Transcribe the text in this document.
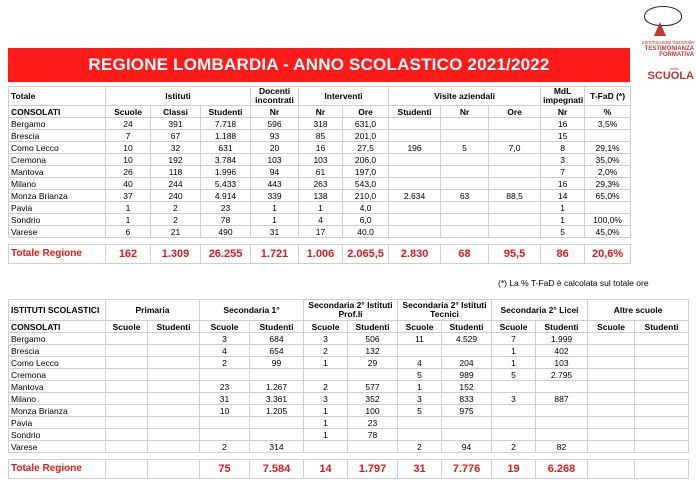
commissione nazionale
TESTIMONIANZA
FORMATIVA
nella
SCUOLA
REGIONE LOMBARDIA - ANNO SCOLASTICO 2021/2022
Totale	Istituti			Docenti incontrati	Interventi		Visite aziendali			MdL impegnati	T-FaD (*)
CONSOLATI	Scuole	Classi	Studenti	Nr	Nr	Ore	Studenti	Nr	Ore	Nr	%
Bergamo	24	391	7.718	596	318	631,0				16	3,5%
Brescia	7	67	1.188	93	85	201,0				15	
Como Lecco	10	32	631	20	16	27,5	196	5	7,0	8	29,1%
Cremona	10	192	3.784	103	103	206,0				3	35,0%
Mantova	26	118	1.996	94	61	197,0				7	2,0%
Milano	40	244	5.433	443	263	543,0				16	29,3%
Monza Brianza	37	240	4.914	339	138	210,0	2.634	63	88,5	14	65,0%
Pavia	1	2	23	1	1	4,0				1	
Sondrio	1	2	78	1	4	6,0				1	100,0%
Varese	6	21	490	31	17	40,0				5	45,0%

Totale Regione	162	1.309	26.255	1.721	1.006	2.065,5	2.830	68	95,5	86	20,6%
(*) La % T-FaD è calcolata sul totale ore
ISTITUTI SCOLASTICI	Primaria		Secondaria 1°		Secondaria 2° Istituti Prof.li		Secondaria 2° Istituti Tecnici		Secondaria 2° Licei		Altre scuole	
CONSOLATI	Scuole	Studenti	Scuole	Studenti	Scuole	Studenti	Scuole	Studenti	Scuole	Studenti	Scuole	Studenti
Bergamo			3	684	3	506	11	4.529	7	1.999		
Brescia			4	654	2	132			1	402		
Como Lecco			2	99	1	29	4	204	1	103		
Cremona							5	989	5	2.795		
Mantova			23	1.267	2	577	1	152				
Milano			31	3.361	3	352	3	833	3	887		
Monza Brianza			10	1.205	1	100	5	975				
Pavia					1	23						
Sondrio					1	78						
Varese			2	314			2	94	2	82		

Totale Regione			75	7.584	14	1.797	31	7.776	19	6.268		
